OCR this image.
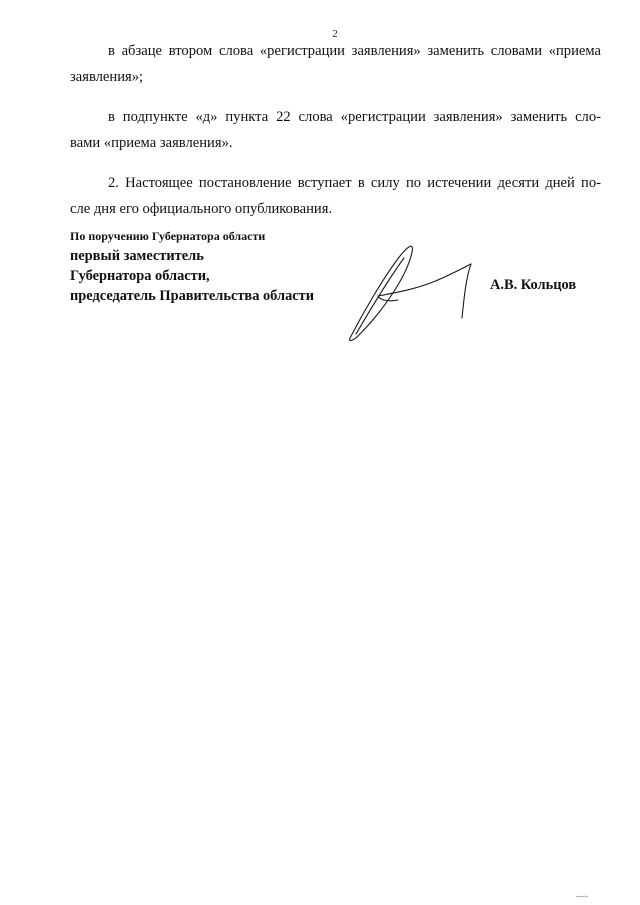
2

в абзаце втором слова «регистрации заявления» заменить словами «приема
заявления»;

в подпункте «д» пункта 22 слова «регистрации заявления» заменить сло-
вами «приема заявления».

2. Настоящее постановление вступает в силу по истечении десяти дней по-
сле дня его официального опубликования.

По поручению Губернатора области
первый заместитель
Губернатора области,
председатель Правительства области
А.В. Кольцов
